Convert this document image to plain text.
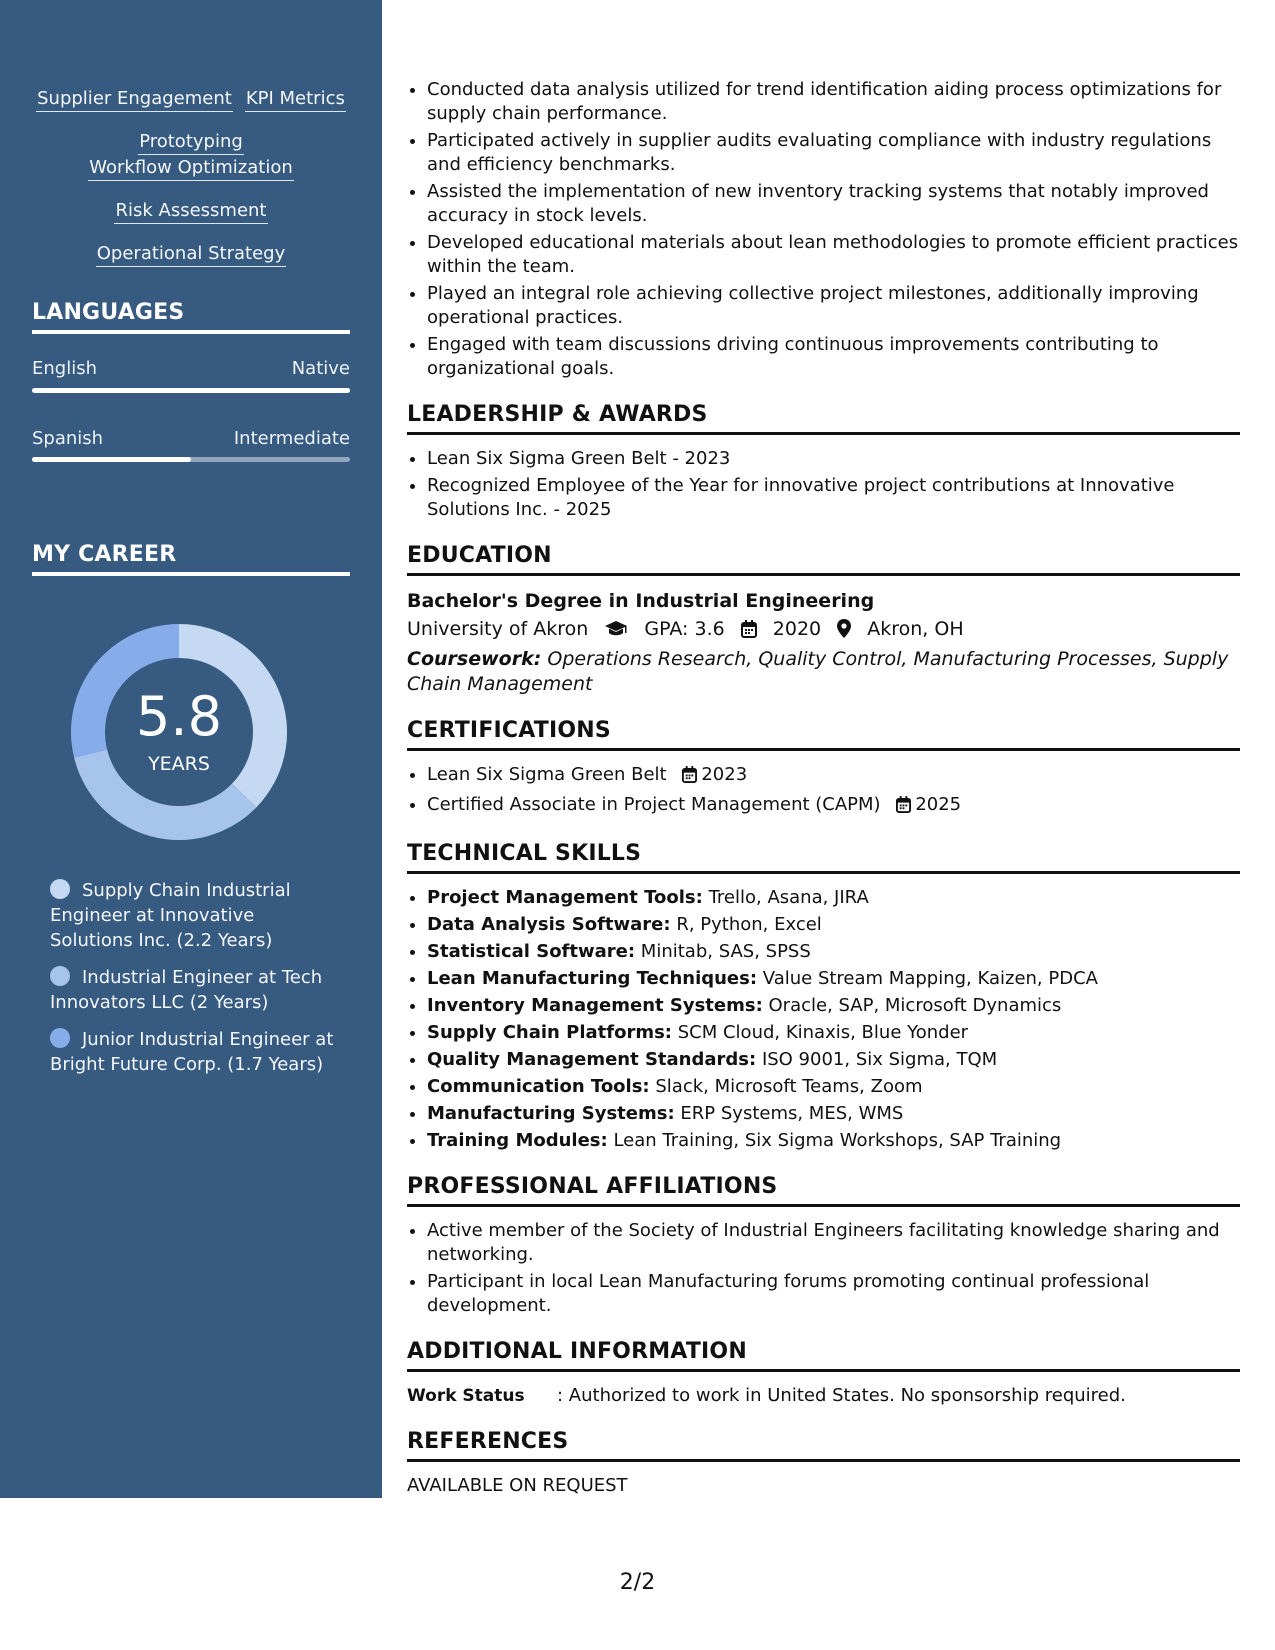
Supplier Engagement KPI Metrics
PrototypingWorkflow Optimization
Risk Assessment
Operational Strategy
LANGUAGES
English	Native
Spanish	Intermediate
MY CAREER
5.8
YEARS
Supply Chain Industrial Engineer at Innovative Solutions Inc. (2.2 Years)
Industrial Engineer at Tech Innovators LLC (2 Years)
Junior Industrial Engineer at Bright Future Corp. (1.7 Years)
• Conducted data analysis utilized for trend identification aiding process optimizations for supply chain performance.
• Participated actively in supplier audits evaluating compliance with industry regulations and efficiency benchmarks.
• Assisted the implementation of new inventory tracking systems that notably improved accuracy in stock levels.
• Developed educational materials about lean methodologies to promote efficient practices within the team.
• Played an integral role achieving collective project milestones, additionally improving operational practices.
• Engaged with team discussions driving continuous improvements contributing to organizational goals.
LEADERSHIP & AWARDS
• Lean Six Sigma Green Belt - 2023
• Recognized Employee of the Year for innovative project contributions at Innovative Solutions Inc. - 2025
EDUCATION
Bachelor's Degree in Industrial Engineering
University of Akron	GPA: 3.6	2020 Akron, OH
Coursework: Operations Research, Quality Control, Manufacturing Processes, Supply Chain Management
CERTIFICATIONS
• Lean Six Sigma Green Belt 2023
• Certified Associate in Project Management (CAPM) 2025
TECHNICAL SKILLS
• Project Management Tools: Trello, Asana, JIRA
• Data Analysis Software: R, Python, Excel
• Statistical Software: Minitab, SAS, SPSS
• Lean Manufacturing Techniques: Value Stream Mapping, Kaizen, PDCA
• Inventory Management Systems: Oracle, SAP, Microsoft Dynamics
• Supply Chain Platforms: SCM Cloud, Kinaxis, Blue Yonder
• Quality Management Standards: ISO 9001, Six Sigma, TQM
• Communication Tools: Slack, Microsoft Teams, Zoom
• Manufacturing Systems: ERP Systems, MES, WMS
• Training Modules: Lean Training, Six Sigma Workshops, SAP Training
PROFESSIONAL AFFILIATIONS
• Active member of the Society of Industrial Engineers facilitating knowledge sharing and networking.
• Participant in local Lean Manufacturing forums promoting continual professional development.
ADDITIONAL INFORMATION
Work Status : Authorized to work in United States. No sponsorship required.
REFERENCES
AVAILABLE ON REQUEST
2/2
